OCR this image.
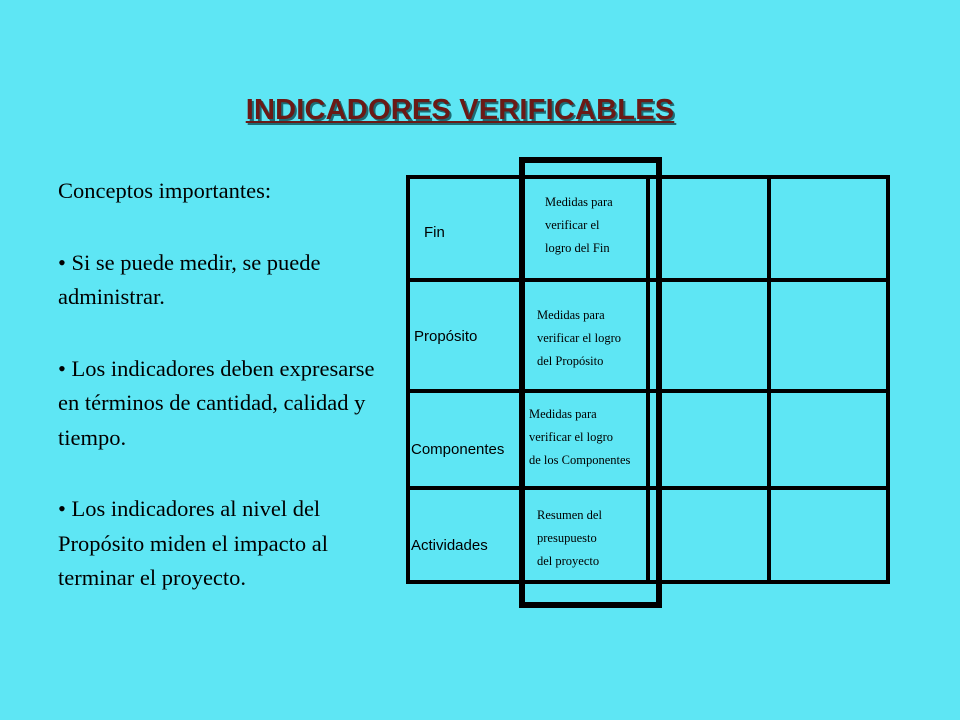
INDICADORES VERIFICABLES

Conceptos importantes:

• Si se puede medir, se puede administrar.

• Los indicadores deben expresarse en términos de cantidad, calidad y tiempo.

• Los indicadores al nivel del Propósito miden el impacto al terminar el proyecto.

Fin
Propósito
Componentes
Actividades
Medidas para
verificar el
logro del Fin
Medidas para
verificar el logro
del Propósito
Medidas para
verificar el logro
de los Componentes
Resumen del
presupuesto
del proyecto
